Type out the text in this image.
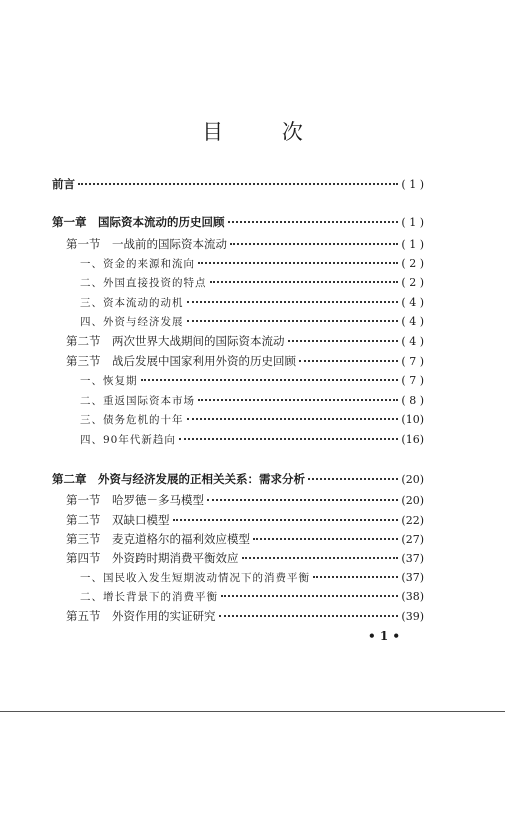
目 次
前言	( 1 )
第一章　国际资本流动的历史回顾	( 1 )
第一节　一战前的国际资本流动	( 1 )
一、资金的来源和流向	( 2 )
二、外国直接投资的特点	( 2 )
三、资本流动的动机	( 4 )
四、外资与经济发展	( 4 )
第二节　两次世界大战期间的国际资本流动	( 4 )
第三节　战后发展中国家利用外资的历史回顾	( 7 )
一、恢复期	( 7 )
二、重返国际资本市场	( 8 )
三、债务危机的十年	(10)
四、90年代新趋向	(16)
第二章　外资与经济发展的正相关关系：需求分析	(20)
第一节　哈罗德－多马模型	(20)
第二节　双缺口模型	(22)
第三节　麦克道格尔的福利效应模型	(27)
第四节　外资跨时期消费平衡效应	(37)
一、国民收入发生短期波动情况下的消费平衡	(37)
二、增长背景下的消费平衡	(38)
第五节　外资作用的实证研究	(39)
• 1 •
